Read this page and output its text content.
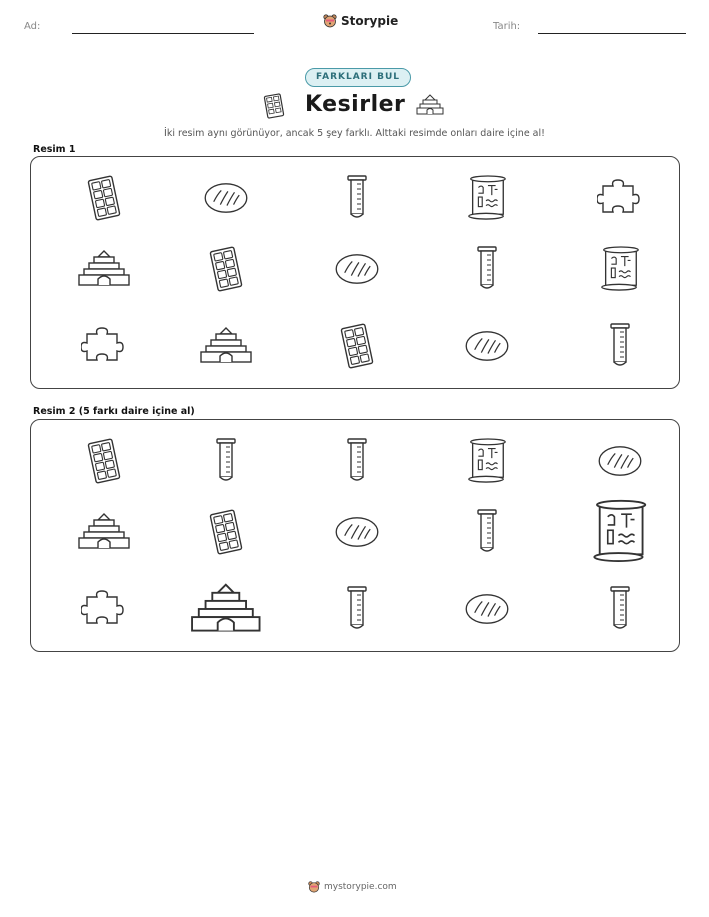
Ad:	Storypie	Tarih:
FARKLARI BUL
Kesirler
İki resim aynı görünüyor, ancak 5 şey farklı. Alttaki resimde onları daire içine al!
Resim 1
Resim 2 (5 farkı daire içine al)
mystorypie.com
